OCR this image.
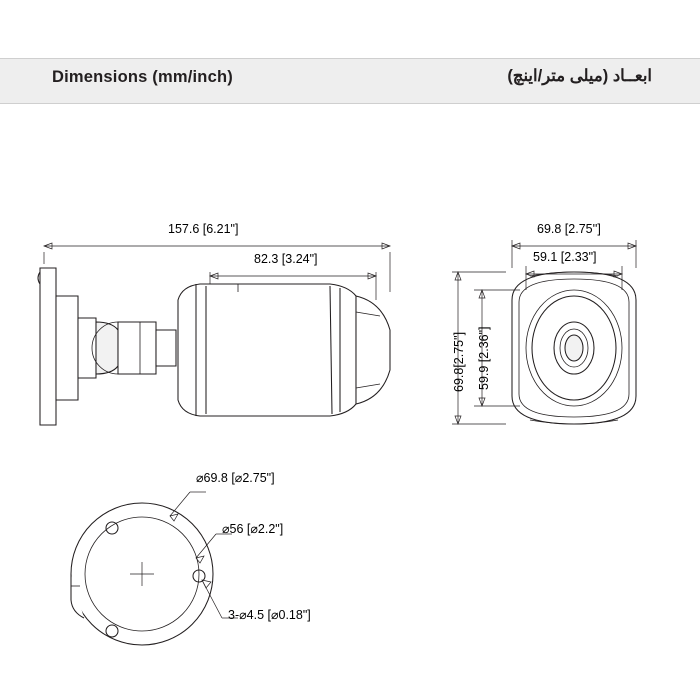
Dimensions (mm/inch)	ابعــاد (میلی متر/اینچ)
157.6 [6.21"]
82.3 [3.24"]
69.8 [2.75'']
59.1 [2.33"]
69.8[2.75"] 59.9 [2.36"]
⌀69.8 [⌀2.75"]
⌀56 [⌀2.2"]
3-⌀4.5 [⌀0.18"]
